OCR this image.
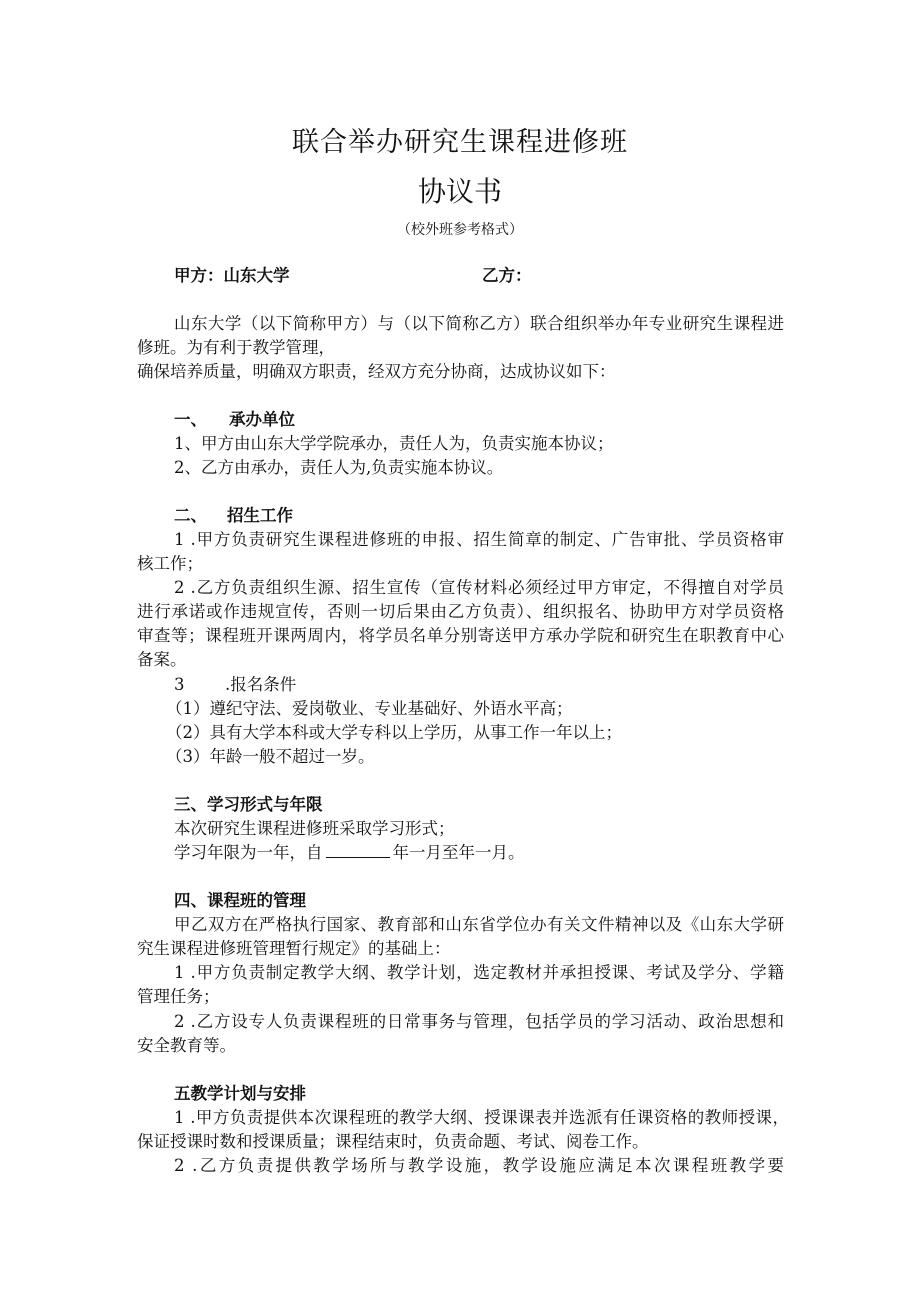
联合举办研究生课程进修班
协议书
（校外班参考格式）
甲方：山东大学	乙方：
山东大学（以下简称甲方）与（以下简称乙方）联合组织举办年专业研究生课程进
修班。为有利于教学管理，
确保培养质量，明确双方职责，经双方充分协商，达成协议如下：
一、 承办单位
1、甲方由山东大学学院承办，责任人为，负责实施本协议；
2、乙方由承办，责任人为,负责实施本协议。
二、 招生工作
1 .甲方负责研究生课程进修班的申报、招生简章的制定、广告审批、学员资格审
核工作；
2 .乙方负责组织生源、招生宣传（宣传材料必须经过甲方审定，不得擅自对学员
进行承诺或作违规宣传，否则一切后果由乙方负责）、组织报名、协助甲方对学员资格
审查等；课程班开课两周内，将学员名单分别寄送甲方承办学院和研究生在职教育中心
备案。
3 .报名条件
（1）遵纪守法、爱岗敬业、专业基础好、外语水平高；
（2）具有大学本科或大学专科以上学历，从事工作一年以上；
（3）年龄一般不超过一岁。
三、学习形式与年限
本次研究生课程进修班采取学习形式；
学习年限为一年，自	年一月至年一月。
四、课程班的管理
甲乙双方在严格执行国家、教育部和山东省学位办有关文件精神以及《山东大学研
究生课程进修班管理暂行规定》的基础上：
1 .甲方负责制定教学大纲、教学计划，选定教材并承担授课、考试及学分、学籍
管理任务；
2 .乙方设专人负责课程班的日常事务与管理，包括学员的学习活动、政治思想和
安全教育等。
五教学计划与安排
1 .甲方负责提供本次课程班的教学大纲、授课课表并选派有任课资格的教师授课，
保证授课时数和授课质量；课程结束时，负责命题、考试、阅卷工作。
2 .乙方负责提供教学场所与教学设施，教学设施应满足本次课程班教学要
